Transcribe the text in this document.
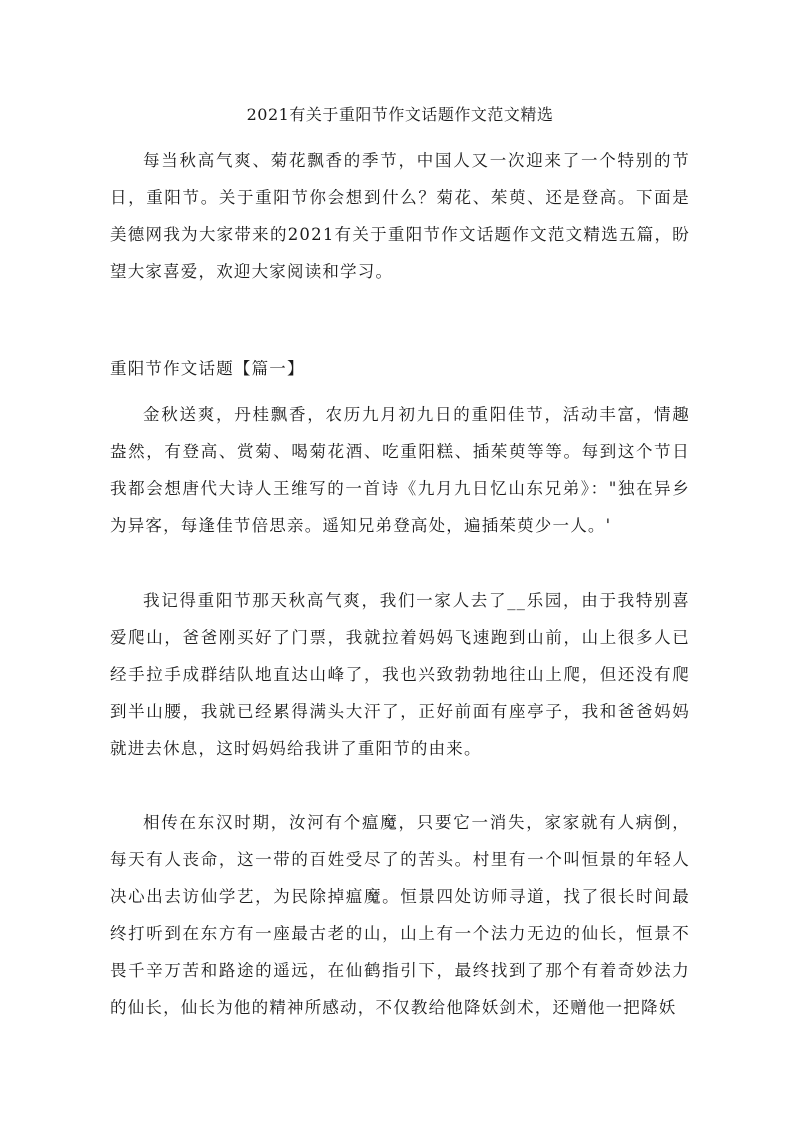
2021有关于重阳节作文话题作文范文精选

每当秋高气爽、菊花飘香的季节，中国人又一次迎来了一个特别的节日，重阳节。关于重阳节你会想到什么？菊花、茱萸、还是登高。下面是美德网我为大家带来的2021有关于重阳节作文话题作文范文精选五篇，盼望大家喜爱，欢迎大家阅读和学习。

重阳节作文话题【篇一】

金秋送爽，丹桂飘香，农历九月初九日的重阳佳节，活动丰富，情趣盎然，有登高、赏菊、喝菊花酒、吃重阳糕、插茱萸等等。每到这个节日我都会想唐代大诗人王维写的一首诗《九月九日忆山东兄弟》："独在异乡为异客，每逢佳节倍思亲。遥知兄弟登高处，遍插茱萸少一人。'

我记得重阳节那天秋高气爽，我们一家人去了__乐园，由于我特别喜爱爬山，爸爸刚买好了门票，我就拉着妈妈飞速跑到山前，山上很多人已经手拉手成群结队地直达山峰了，我也兴致勃勃地往山上爬，但还没有爬到半山腰，我就已经累得满头大汗了，正好前面有座亭子，我和爸爸妈妈就进去休息，这时妈妈给我讲了重阳节的由来。

相传在东汉时期，汝河有个瘟魔，只要它一消失，家家就有人病倒，每天有人丧命，这一带的百姓受尽了的苦头。村里有一个叫恒景的年轻人决心出去访仙学艺，为民除掉瘟魔。恒景四处访师寻道，找了很长时间最终打听到在东方有一座最古老的山，山上有一个法力无边的仙长，恒景不畏千辛万苦和路途的遥远，在仙鹤指引下，最终找到了那个有着奇妙法力的仙长，仙长为他的精神所感动，不仅教给他降妖剑术，还赠他一把降妖
